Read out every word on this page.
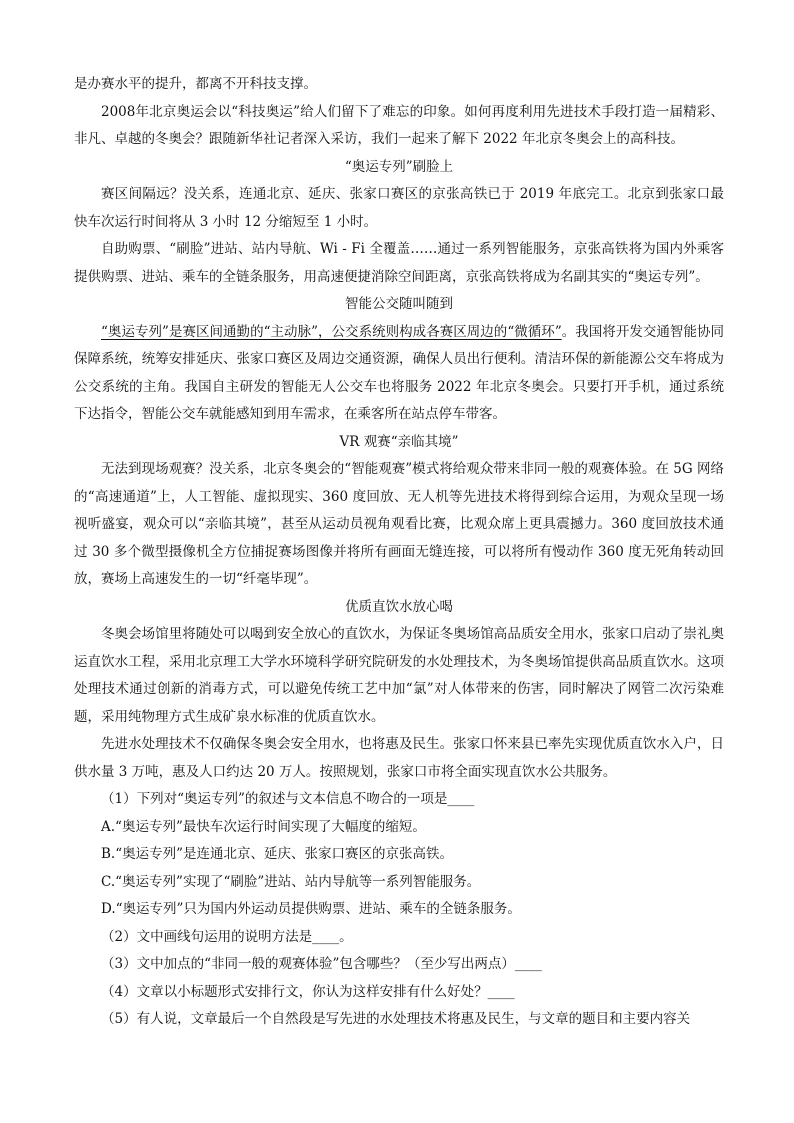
是办赛水平的提升，都离不开科技支撑。

2008年北京奥运会以“科技奥运”给人们留下了难忘的印象。如何再度利用先进技术手段打造一届精彩、非凡、卓越的冬奥会？跟随新华社记者深入采访，我们一起来了解下 2022 年北京冬奥会上的高科技。

“奥运专列”刷脸上

赛区间隔远？没关系，连通北京、延庆、张家口赛区的京张高铁已于 2019 年底完工。北京到张家口最快车次运行时间将从 3 小时 12 分缩短至 1 小时。

自助购票、“刷脸”进站、站内导航、Wi - Fi 全覆盖……通过一系列智能服务，京张高铁将为国内外乘客提供购票、进站、乘车的全链条服务，用高速便捷消除空间距离，京张高铁将成为名副其实的“奥运专列”。

智能公交随叫随到

“奥运专列”是赛区间通勤的“主动脉”，公交系统则构成各赛区周边的“微循环”。我国将开发交通智能协同保障系统，统筹安排延庆、张家口赛区及周边交通资源，确保人员出行便利。清洁环保的新能源公交车将成为公交系统的主角。我国自主研发的智能无人公交车也将服务 2022 年北京冬奥会。只要打开手机，通过系统下达指令，智能公交车就能感知到用车需求，在乘客所在站点停车带客。

VR 观赛“亲临其境”

无法到现场观赛？没关系，北京冬奥会的“智能观赛”模式将给观众带来非同一般的观赛体验。在 5G 网络的“高速通道”上，人工智能、虚拟现实、360 度回放、无人机等先进技术将得到综合运用，为观众呈现一场视听盛宴，观众可以“亲临其境”，甚至从运动员视角观看比赛，比观众席上更具震撼力。360 度回放技术通过 30 多个微型摄像机全方位捕捉赛场图像并将所有画面无缝连接，可以将所有慢动作 360 度无死角转动回放，赛场上高速发生的一切“纤毫毕现”。

优质直饮水放心喝

冬奥会场馆里将随处可以喝到安全放心的直饮水，为保证冬奥场馆高品质安全用水，张家口启动了崇礼奥运直饮水工程，采用北京理工大学水环境科学研究院研发的水处理技术，为冬奥场馆提供高品质直饮水。这项处理技术通过创新的消毒方式，可以避免传统工艺中加“氯”对人体带来的伤害，同时解决了网管二次污染难题，采用纯物理方式生成矿泉水标准的优质直饮水。

先进水处理技术不仅确保冬奥会安全用水，也将惠及民生。张家口怀来县已率先实现优质直饮水入户，日供水量 3 万吨，惠及人口约达 20 万人。按照规划，张家口市将全面实现直饮水公共服务。

（1）下列对“奥运专列”的叙述与文本信息不吻合的一项是____

A.“奥运专列”最快车次运行时间实现了大幅度的缩短。

B.“奥运专列”是连通北京、延庆、张家口赛区的京张高铁。

C.“奥运专列”实现了“刷脸”进站、站内导航等一系列智能服务。

D.“奥运专列”只为国内外运动员提供购票、进站、乘车的全链条服务。

（2）文中画线句运用的说明方法是____。

（3）文中加点的“非同一般的观赛体验”包含哪些？（至少写出两点）____

（4）文章以小标题形式安排行文，你认为这样安排有什么好处？____

（5）有人说，文章最后一个自然段是写先进的水处理技术将惠及民生，与文章的题目和主要内容关
